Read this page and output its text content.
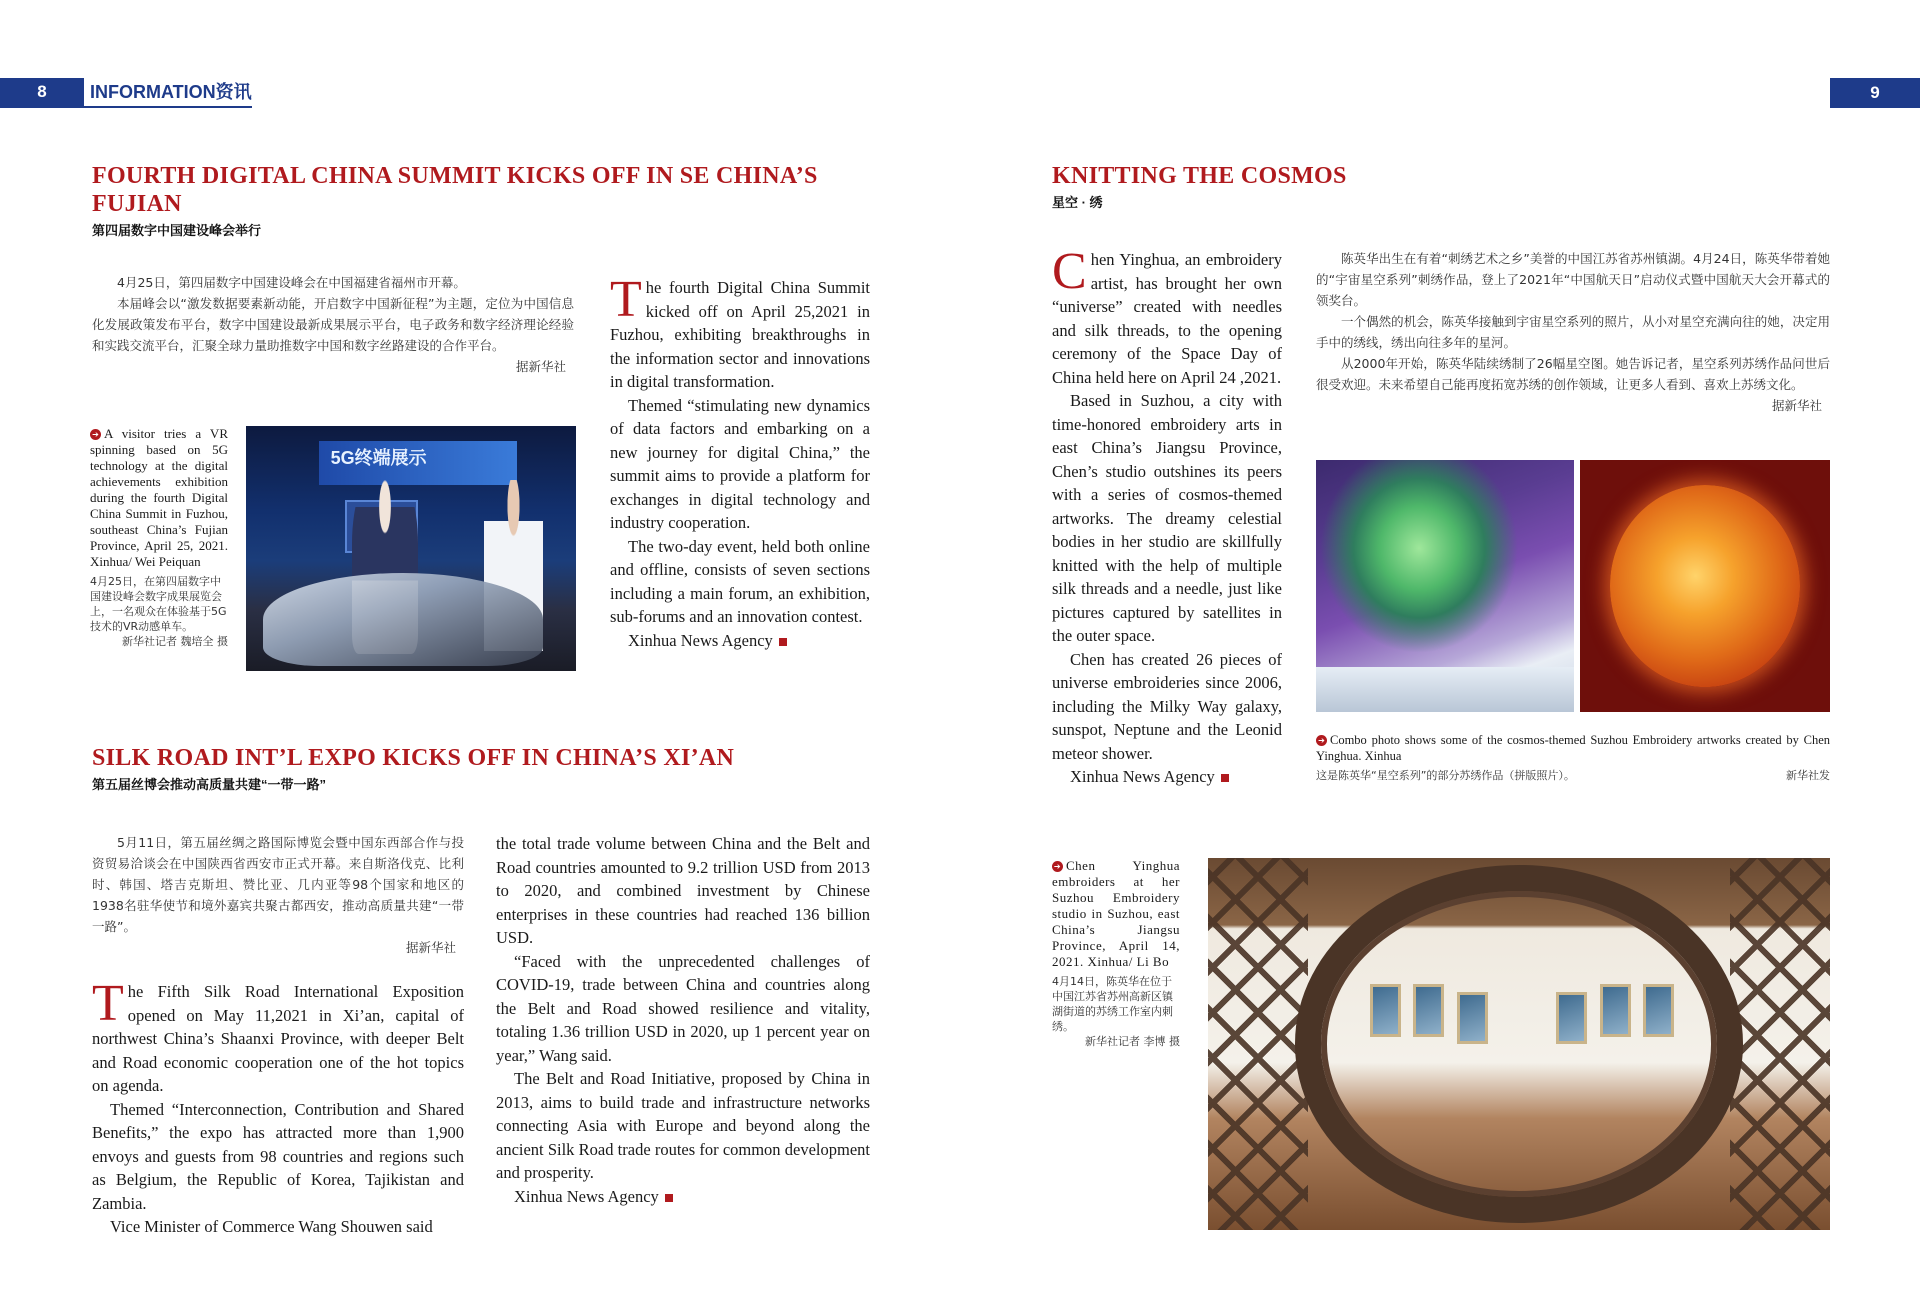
8	INFORMATION资讯	9
FOURTH DIGITAL CHINA SUMMIT KICKS OFF IN SE CHINA’S FUJIAN
第四届数字中国建设峰会举行

4月25日，第四届数字中国建设峰会在中国福建省福州市开幕。

本届峰会以“激发数据要素新动能，开启数字中国新征程”为主题，定位为中国信息化发展政策发布平台，数字中国建设最新成果展示平台，电子政务和数字经济理论经验和实践交流平台，汇聚全球力量助推数字中国和数字丝路建设的合作平台。

据新华社

➔ A visitor tries a VR spinning based on 5G technology at the digital achievements exhibition during the fourth Digital China Summit in Fuzhou, southeast China’s Fujian Province, April 25, 2021. Xinhua/ Wei Peiquan
4月25日，在第四届数字中国建设峰会数字成果展览会上，一名观众在体验基于5G技术的VR动感单车。
新华社记者 魏培全 摄
5G终端展示

The fourth Digital China Summit kicked off on April 25,2021 in Fuzhou, exhibiting breakthroughs in the information sector and innovations in digital transformation.

Themed “stimulating new dynamics of data factors and embarking on a new journey for digital China,” the summit aims to provide a platform for exchanges in digital technology and industry cooperation.

The two-day event, held both online and offline, consists of seven sections including a main forum, an exhibition, sub-forums and an innovation contest.

Xinhua News Agency

SILK ROAD INT’L EXPO KICKS OFF IN CHINA’S XI’AN
第五届丝博会推动高质量共建“一带一路”

5月11日，第五届丝绸之路国际博览会暨中国东西部合作与投资贸易洽谈会在中国陕西省西安市正式开幕。来自斯洛伐克、比利时、韩国、塔吉克斯坦、赞比亚、几内亚等98个国家和地区的1938名驻华使节和境外嘉宾共聚古都西安，推动高质量共建“一带一路”。

据新华社

The Fifth Silk Road International Exposition opened on May 11,2021 in Xi’an, capital of northwest China’s Shaanxi Province, with deeper Belt and Road economic cooperation one of the hot topics on agenda.

Themed “Interconnection, Contribution and Shared Benefits,” the expo has attracted more than 1,900 envoys and guests from 98 countries and regions such as Belgium, the Republic of Korea, Tajikistan and Zambia.

Vice Minister of Commerce Wang Shouwen said

the total trade volume between China and the Belt and Road countries amounted to 9.2 trillion USD from 2013 to 2020, and combined investment by Chinese enterprises in these countries had reached 136 billion USD.

“Faced with the unprecedented challenges of COVID-19, trade between China and countries along the Belt and Road showed resilience and vitality, totaling 1.36 trillion USD in 2020, up 1 percent year on year,” Wang said.

The Belt and Road Initiative, proposed by China in 2013, aims to build trade and infrastructure networks connecting Asia with Europe and beyond along the ancient Silk Road trade routes for common development and prosperity.

Xinhua News Agency

KNITTING THE COSMOS
星空 · 绣

Chen Yinghua, an embroidery artist, has brought her own “universe” created with needles and silk threads, to the opening ceremony of the Space Day of China held here on April 24 ,2021.

Based in Suzhou, a city with time-honored embroidery arts in east China’s Jiangsu Province, Chen’s studio outshines its peers with a series of cosmos-themed artworks. The dreamy celestial bodies in her studio are skillfully knitted with the help of multiple silk threads and a needle, just like pictures captured by satellites in the outer space.

Chen has created 26 pieces of universe embroideries since 2006, including the Milky Way galaxy, sunspot, Neptune and the Leonid meteor shower.

Xinhua News Agency

陈英华出生在有着“刺绣艺术之乡”美誉的中国江苏省苏州镇湖。4月24日，陈英华带着她的“宇宙星空系列”刺绣作品，登上了2021年“中国航天日”启动仪式暨中国航天大会开幕式的领奖台。

一个偶然的机会，陈英华接触到宇宙星空系列的照片，从小对星空充满向往的她，决定用手中的绣线，绣出向往多年的星河。

从2000年开始，陈英华陆续绣制了26幅星空图。她告诉记者，星空系列苏绣作品问世后很受欢迎。未来希望自己能再度拓宽苏绣的创作领域，让更多人看到、喜欢上苏绣文化。

据新华社

➔ Combo photo shows some of the cosmos-themed Suzhou Embroidery artworks created by Chen Yinghua. Xinhua
这是陈英华“星空系列”的部分苏绣作品（拼版照片）。	新华社发
➔ Chen Yinghua embroiders at her Suzhou Embroidery studio in Suzhou, east China’s Jiangsu Province, April 14, 2021. Xinhua/ Li Bo
4月14日，陈英华在位于中国江苏省苏州高新区镇湖街道的苏绣工作室内刺绣。
新华社记者 李博 摄
